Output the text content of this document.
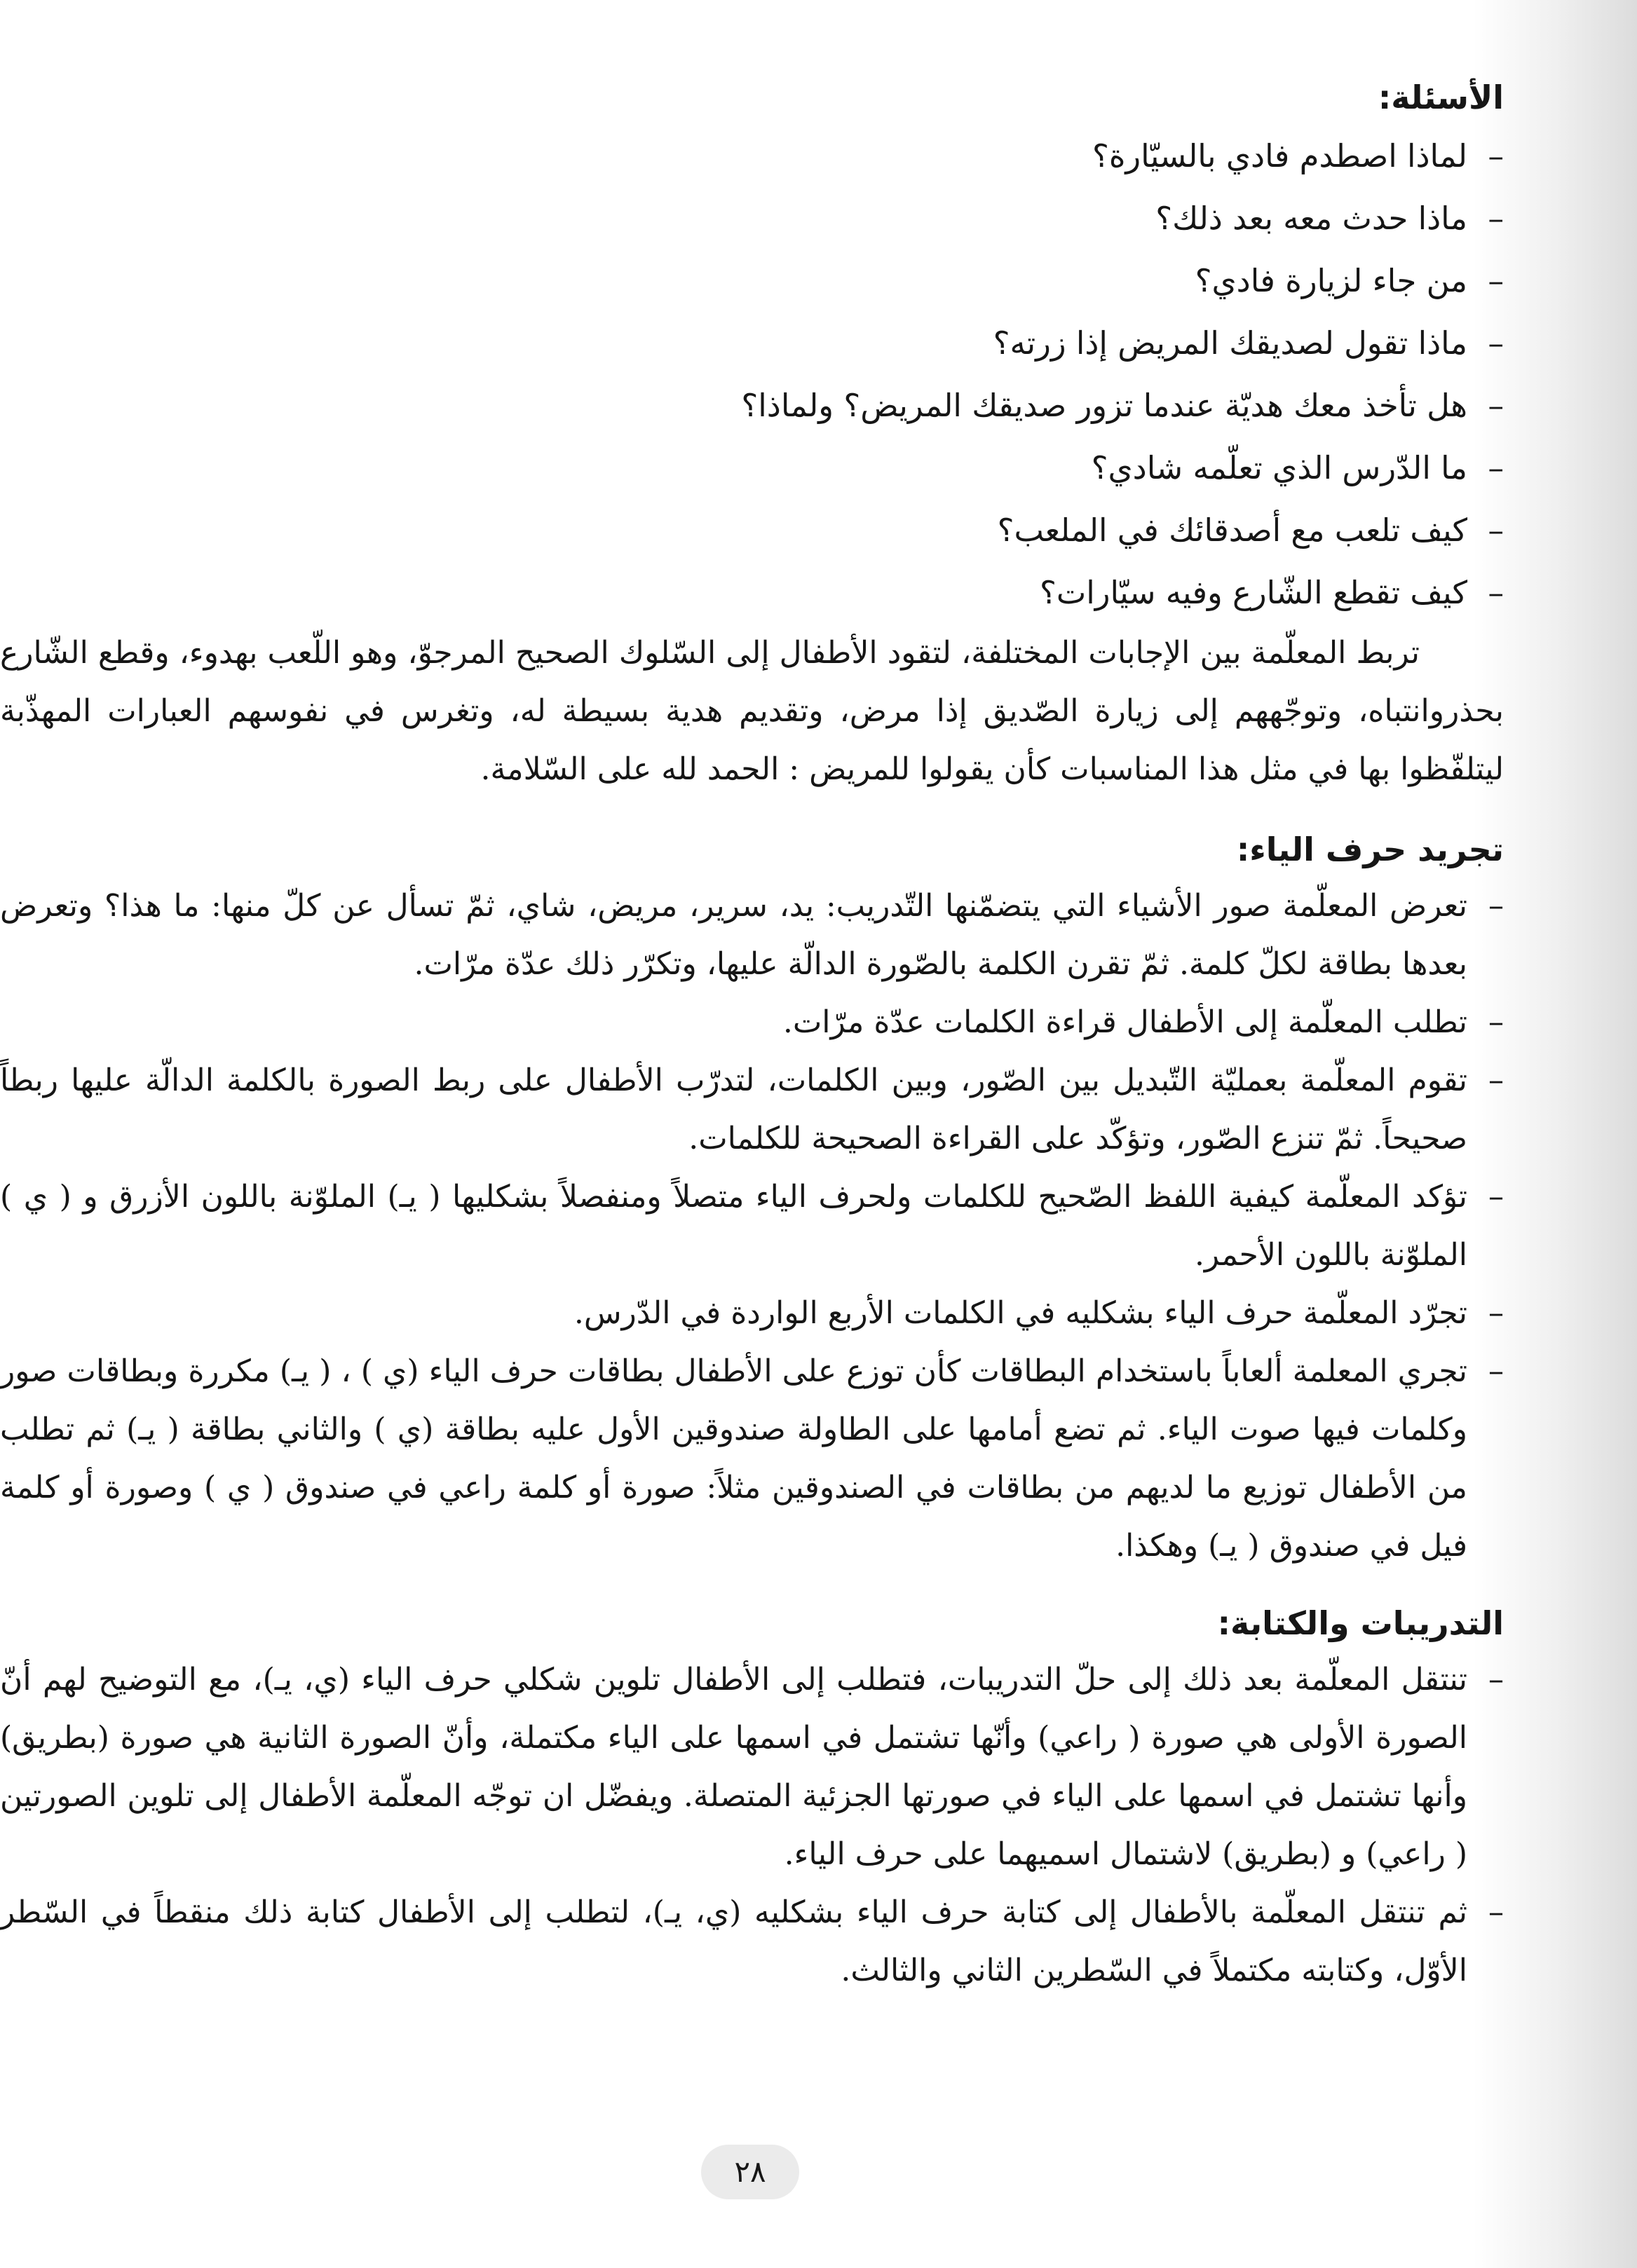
الأسئلة:
–لماذا اصطدم فادي بالسيّارة؟
–ماذا حدث معه بعد ذلك؟
–من جاء لزيارة فادي؟
–ماذا تقول لصديقك المريض إذا زرته؟
–هل تأخذ معك هديّة عندما تزور صديقك المريض؟ ولماذا؟
–ما الدّرس الذي تعلّمه شادي؟
–كيف تلعب مع أصدقائك في الملعب؟
–كيف تقطع الشّارع وفيه سيّارات؟

تربط المعلّمة بين الإجابات المختلفة، لتقود الأطفال إلى السّلوك الصحيح المرجوّ، وهو اللّعب بهدوء، وقطع الشّارع بحذروانتباه، وتوجّههم إلى زيارة الصّديق إذا مرض، وتقديم هدية بسيطة له، وتغرس في نفوسهم العبارات المهذّبة ليتلفّظوا بها في مثل هذا المناسبات كأن يقولوا للمريض : الحمد لله على السّلامة.

تجريد حرف الياء:
–
تعرض المعلّمة صور الأشياء التي يتضمّنها التّدريب: يد، سرير، مريض، شاي، ثمّ تسأل عن كلّ منها: ما هذا؟ وتعرض بعدها بطاقة لكلّ كلمة. ثمّ تقرن الكلمة بالصّورة الدالّة عليها، وتكرّر ذلك عدّة مرّات.
–
تطلب المعلّمة إلى الأطفال قراءة الكلمات عدّة مرّات.
–
تقوم المعلّمة بعمليّة التّبديل بين الصّور، وبين الكلمات، لتدرّب الأطفال على ربط الصورة بالكلمة الدالّة عليها ربطاً صحيحاً. ثمّ تنزع الصّور، وتؤكّد على القراءة الصحيحة للكلمات.
–
تؤكد المعلّمة كيفية اللفظ الصّحيح للكلمات ولحرف الياء متصلاً ومنفصلاً بشكليها ( يـ) الملوّنة باللون الأزرق و ( ي ) الملوّنة باللون الأحمر.
–
تجرّد المعلّمة حرف الياء بشكليه في الكلمات الأربع الواردة في الدّرس.
–
تجري المعلمة ألعاباً باستخدام البطاقات كأن توزع على الأطفال بطاقات حرف الياء (ي ) ، ( يـ) مكررة وبطاقات صور وكلمات فيها صوت الياء. ثم تضع أمامها على الطاولة صندوقين الأول عليه بطاقة (ي ) والثاني بطاقة ( يـ) ثم تطلب من الأطفال توزيع ما لديهم من بطاقات في الصندوقين مثلاً: صورة أو كلمة راعي في صندوق ( ي ) وصورة أو كلمة فيل في صندوق ( يـ) وهكذا.
التدريبات والكتابة:
–
تنتقل المعلّمة بعد ذلك إلى حلّ التدريبات، فتطلب إلى الأطفال تلوين شكلي حرف الياء (ي، يـ)، مع التوضيح لهم أنّ الصورة الأولى هي صورة ( راعي) وأنّها تشتمل في اسمها على الياء مكتملة، وأنّ الصورة الثانية هي صورة (بطريق) وأنها تشتمل في اسمها على الياء في صورتها الجزئية المتصلة. ويفضّل ان توجّه المعلّمة الأطفال إلى تلوين الصورتين ( راعي) و (بطريق) لاشتمال اسميهما على حرف الياء.
–
ثم تنتقل المعلّمة بالأطفال إلى كتابة حرف الياء بشكليه (ي، يـ)، لتطلب إلى الأطفال كتابة ذلك منقطاً في السّطر الأوّل، وكتابته مكتملاً في السّطرين الثاني والثالث.
٢٨
